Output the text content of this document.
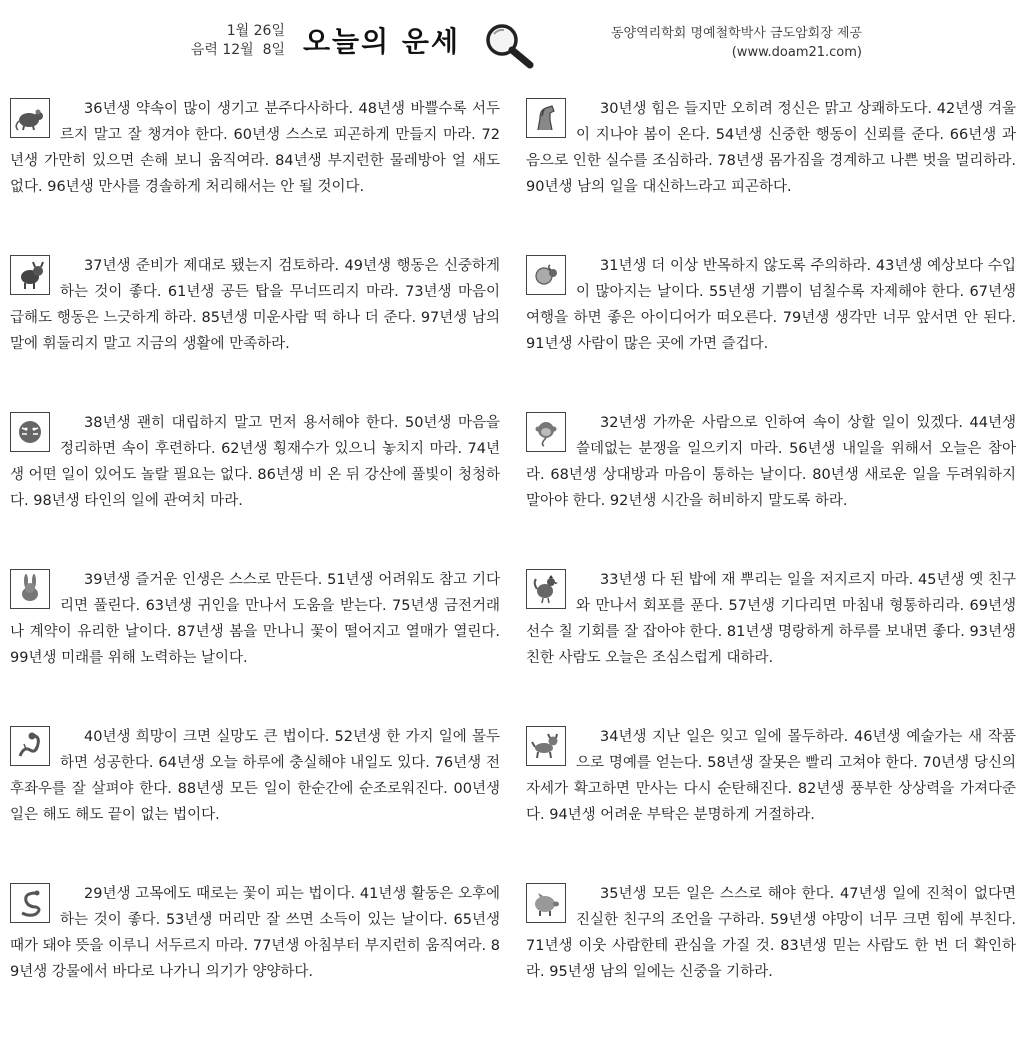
1월 26일
음력 12월  8일 오늘의 운세	동양역리학회 명예철학박사 금도암회장 제공
(www.doam21.com)

36년생 약속이 많이 생기고 분주다사하다. 48년생 바쁠수록 서두르지 말고 잘 챙겨야 한다. 60년생 스스로 피곤하게 만들지 마라. 72년생 가만히 있으면 손해 보니 움직여라. 84년생 부지런한 물레방아 얼 새도 없다. 96년생 만사를 경솔하게 처리해서는 안 될 것이다.

37년생 준비가 제대로 됐는지 검토하라. 49년생 행동은 신중하게 하는 것이 좋다. 61년생 공든 탑을 무너뜨리지 마라. 73년생 마음이 급해도 행동은 느긋하게 하라. 85년생 미운사람 떡 하나 더 준다. 97년생 남의 말에 휘둘리지 말고 지금의 생활에 만족하라.

38년생 괜히 대립하지 말고 먼저 용서해야 한다. 50년생 마음을 정리하면 속이 후련하다. 62년생 횡재수가 있으니 놓치지 마라. 74년생 어떤 일이 있어도 놀랄 필요는 없다. 86년생 비 온 뒤 강산에 풀빛이 청청하다. 98년생 타인의 일에 관여치 마라.

39년생 즐거운 인생은 스스로 만든다. 51년생 어려워도 참고 기다리면 풀린다. 63년생 귀인을 만나서 도움을 받는다. 75년생 금전거래나 계약이 유리한 날이다. 87년생 봄을 만나니 꽃이 떨어지고 열매가 열린다. 99년생 미래를 위해 노력하는 날이다.

40년생 희망이 크면 실망도 큰 법이다. 52년생 한 가지 일에 몰두하면 성공한다. 64년생 오늘 하루에 충실해야 내일도 있다. 76년생 전후좌우를 잘 살펴야 한다. 88년생 모든 일이 한순간에 순조로워진다. 00년생 일은 해도 해도 끝이 없는 법이다.

29년생 고목에도 때로는 꽃이 피는 법이다. 41년생 활동은 오후에 하는 것이 좋다. 53년생 머리만 잘 쓰면 소득이 있는 날이다. 65년생 때가 돼야 뜻을 이루니 서두르지 마라. 77년생 아침부터 부지런히 움직여라. 89년생 강물에서 바다로 나가니 의기가 양양하다.

30년생 힘은 들지만 오히려 정신은 맑고 상쾌하도다. 42년생 겨울이 지나야 봄이 온다. 54년생 신중한 행동이 신뢰를 준다. 66년생 과음으로 인한 실수를 조심하라. 78년생 몸가짐을 경계하고 나쁜 벗을 멀리하라. 90년생 남의 일을 대신하느라고 피곤하다.

31년생 더 이상 반목하지 않도록 주의하라. 43년생 예상보다 수입이 많아지는 날이다. 55년생 기쁨이 넘칠수록 자제해야 한다. 67년생 여행을 하면 좋은 아이디어가 떠오른다. 79년생 생각만 너무 앞서면 안 된다. 91년생 사람이 많은 곳에 가면 즐겁다.

32년생 가까운 사람으로 인하여 속이 상할 일이 있겠다. 44년생 쓸데없는 분쟁을 일으키지 마라. 56년생 내일을 위해서 오늘은 참아라. 68년생 상대방과 마음이 통하는 날이다. 80년생 새로운 일을 두려워하지 말아야 한다. 92년생 시간을 허비하지 말도록 하라.

33년생 다 된 밥에 재 뿌리는 일을 저지르지 마라. 45년생 옛 친구와 만나서 회포를 푼다. 57년생 기다리면 마침내 형통하리라. 69년생 선수 칠 기회를 잘 잡아야 한다. 81년생 명랑하게 하루를 보내면 좋다. 93년생 친한 사람도 오늘은 조심스럽게 대하라.

34년생 지난 일은 잊고 일에 몰두하라. 46년생 예술가는 새 작품으로 명예를 얻는다. 58년생 잘못은 빨리 고쳐야 한다. 70년생 당신의 자세가 확고하면 만사는 다시 순탄해진다. 82년생 풍부한 상상력을 가져다준다. 94년생 어려운 부탁은 분명하게 거절하라.

35년생 모든 일은 스스로 해야 한다. 47년생 일에 진척이 없다면 진실한 친구의 조언을 구하라. 59년생 야망이 너무 크면 힘에 부친다. 71년생 이웃 사람한테 관심을 가질 것. 83년생 믿는 사람도 한 번 더 확인하라. 95년생 남의 일에는 신중을 기하라.
